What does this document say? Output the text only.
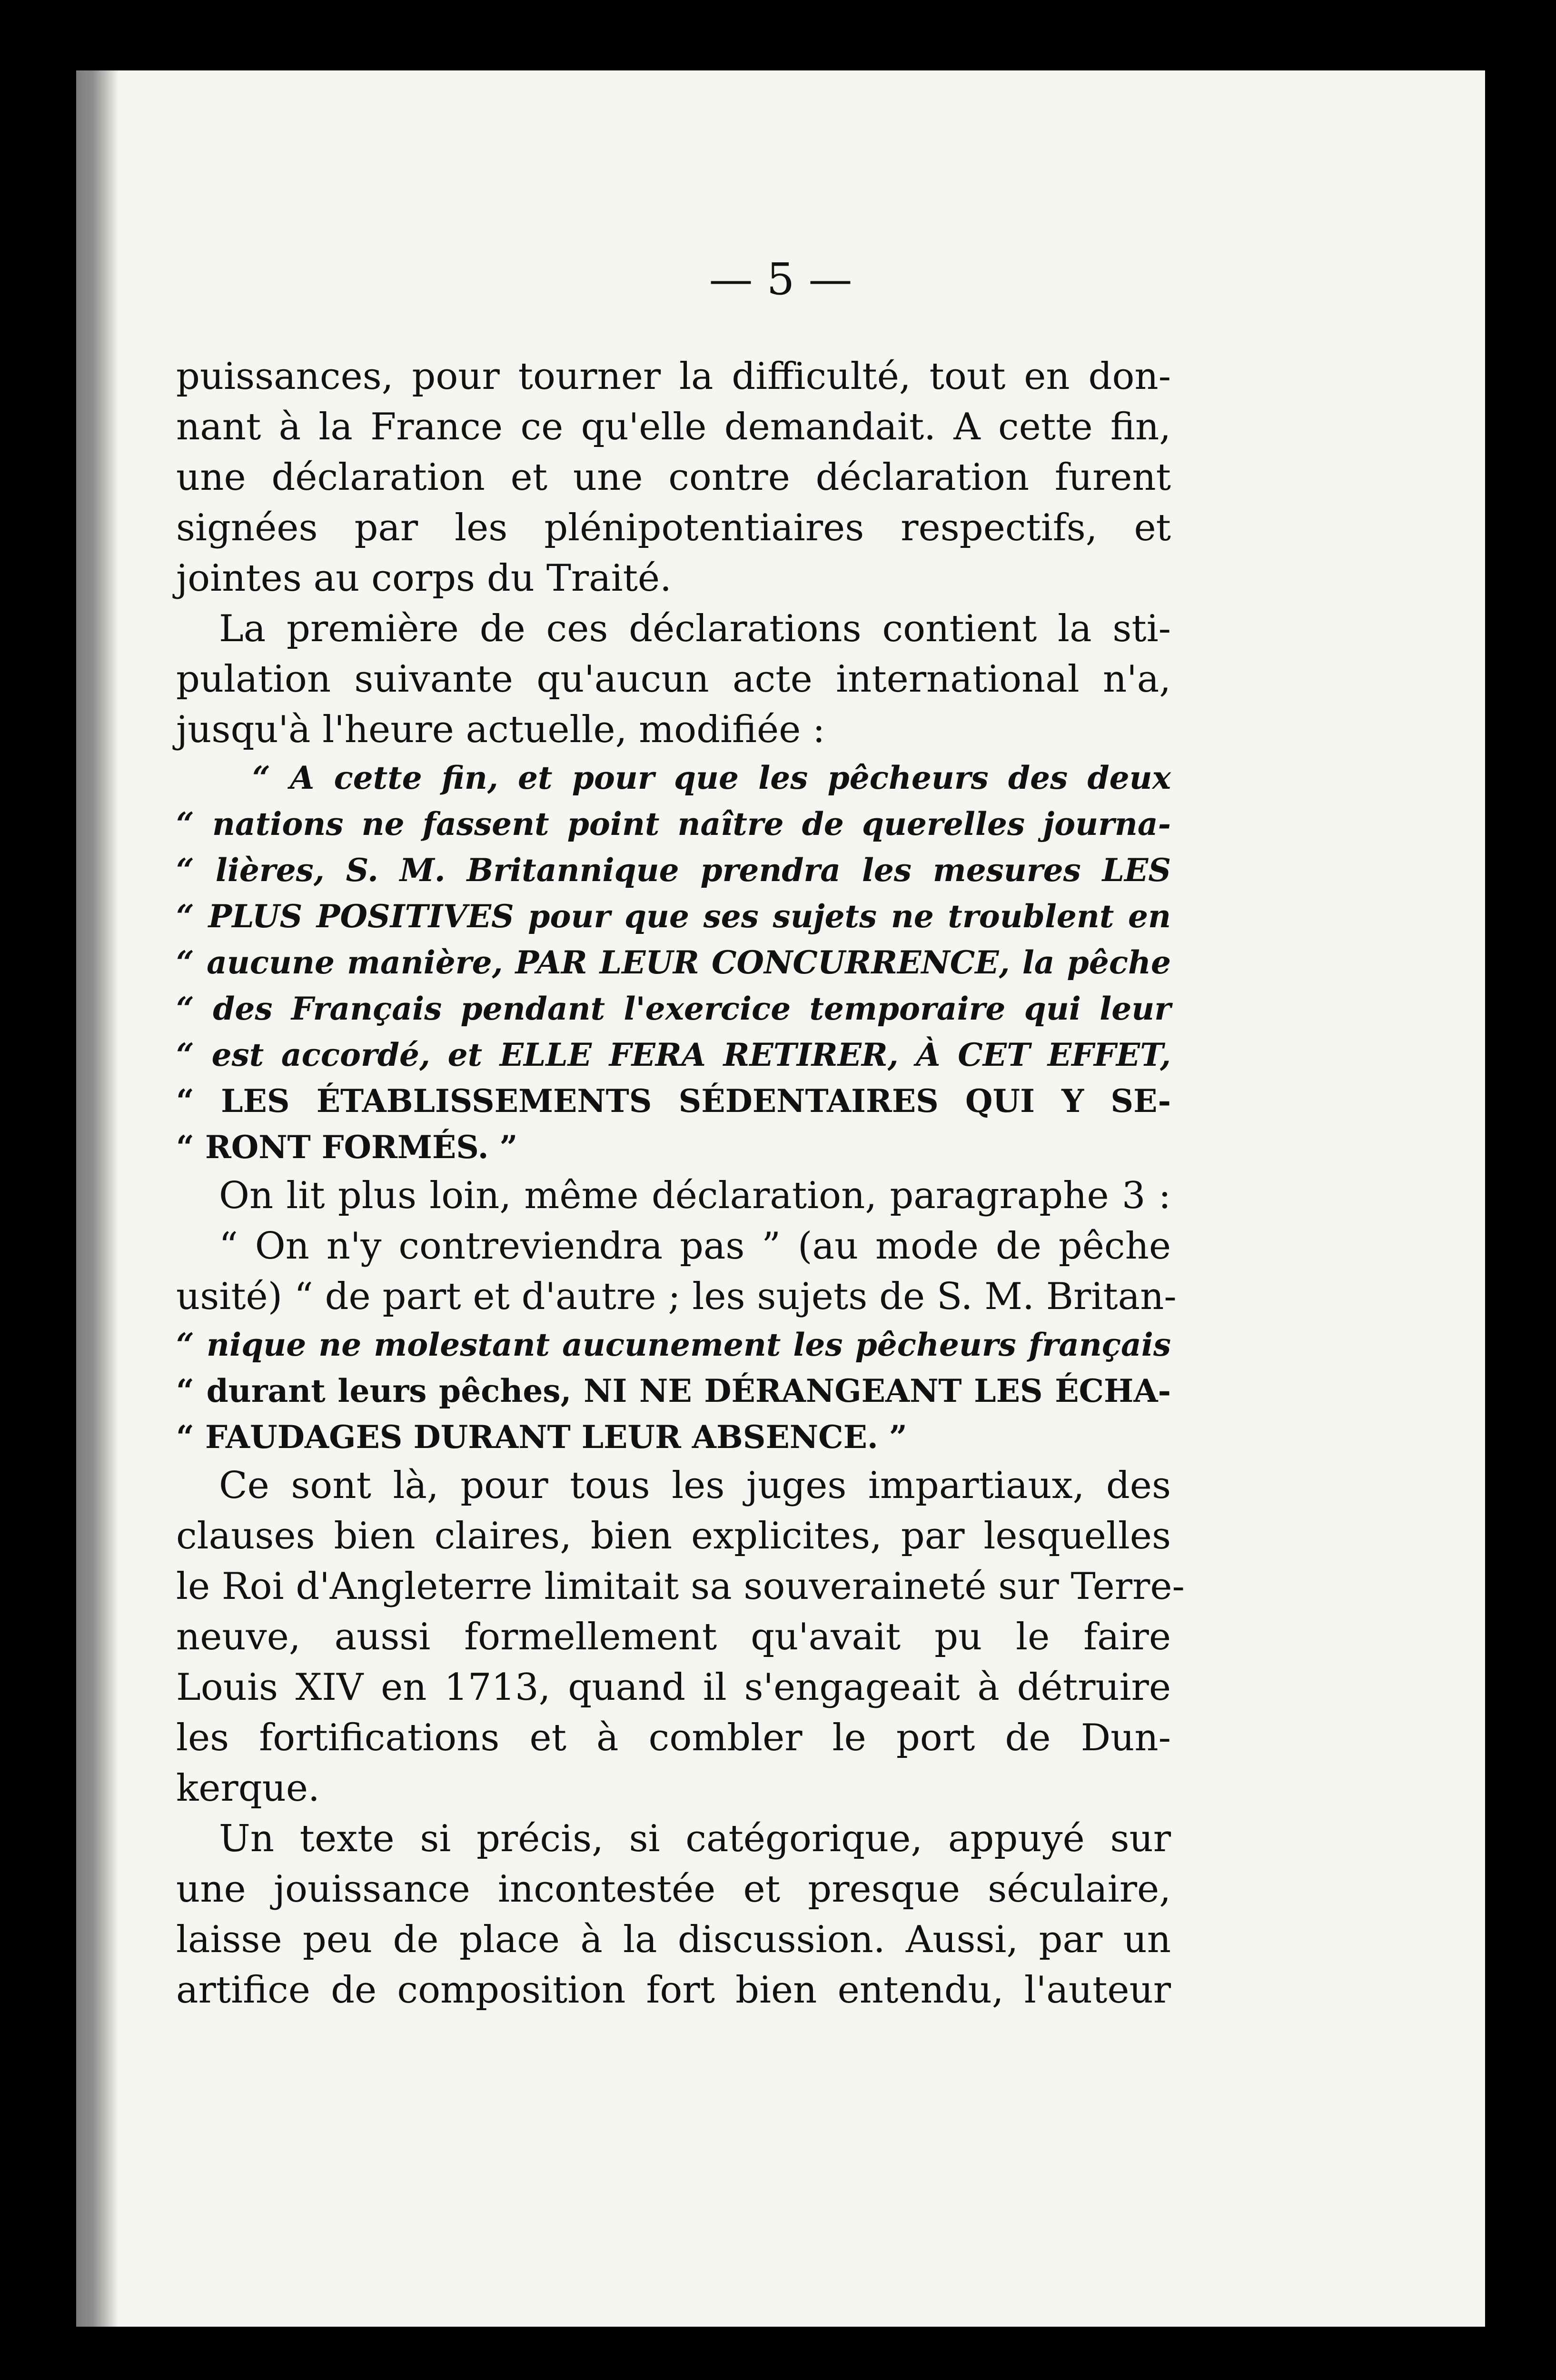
— 5 —
puissances, pour tourner la difficulté, tout en don-
nant à la France ce qu'elle demandait. A cette fin,
une déclaration et une contre déclaration furent
signées par les plénipotentiaires respectifs, et
jointes au corps du Traité.
La première de ces déclarations contient la sti-
pulation suivante qu'aucun acte international n'a,
jusqu'à l'heure actuelle, modifiée :
“ A cette fin, et pour que les pêcheurs des deux
“ nations ne fassent point naître de querelles journa-
“ lières, S. M. Britannique prendra les mesures LES
“ PLUS POSITIVES pour que ses sujets ne troublent en
“ aucune manière, PAR LEUR CONCURRENCE, la pêche
“ des Français pendant l'exercice temporaire qui leur
“ est accordé, et ELLE FERA RETIRER, À CET EFFET,
“ LES ÉTABLISSEMENTS SÉDENTAIRES QUI Y SE-
“ RONT FORMÉS. ”
On lit plus loin, même déclaration, paragraphe 3 :
“ On n'y contreviendra pas ” (au mode de pêche
usité) “ de part et d'autre ; les sujets de S. M. Britan-
“ nique ne molestant aucunement les pêcheurs français
“ durant leurs pêches, NI NE DÉRANGEANT LES ÉCHA-
“ FAUDAGES DURANT LEUR ABSENCE. ”
Ce sont là, pour tous les juges impartiaux, des
clauses bien claires, bien explicites, par lesquelles
le Roi d'Angleterre limitait sa souveraineté sur Terre-
neuve, aussi formellement qu'avait pu le faire
Louis XIV en 1713, quand il s'engageait à détruire
les fortifications et à combler le port de Dun-
kerque.
Un texte si précis, si catégorique, appuyé sur
une jouissance incontestée et presque séculaire,
laisse peu de place à la discussion. Aussi, par un
artifice de composition fort bien entendu, l'auteur
